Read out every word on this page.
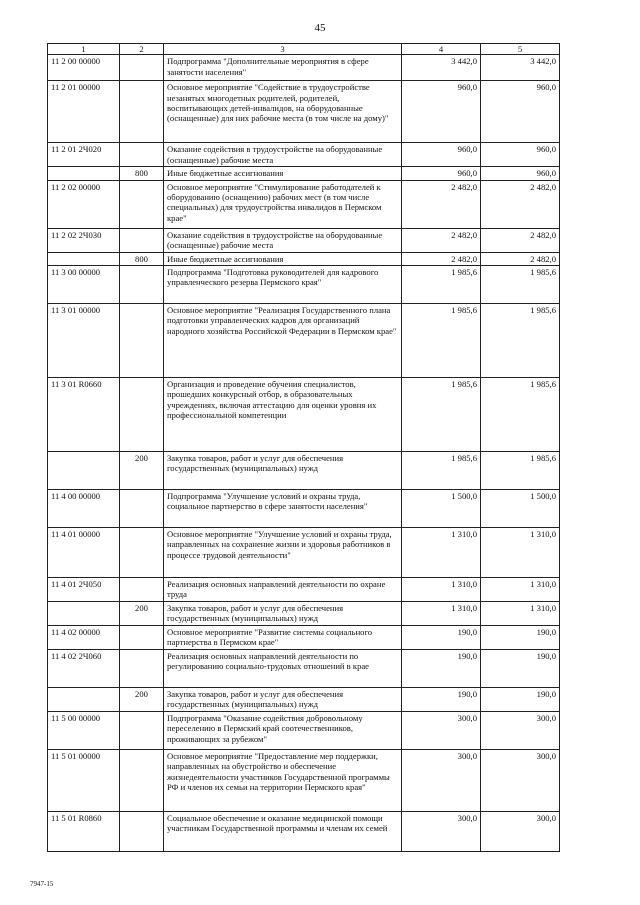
45
1	2	3	4	5
11 2 00 00000		Подпрограмма "Дополнительные мероприятия в сфере занятости населения"	3 442,0	3 442,0
11 2 01 00000		Основное мероприятие "Содействие в трудоустройстве незанятых многодетных родителей, родителей, воспитывающих детей-инвалидов, на оборудованные (оснащенные) для них рабочие места (в том числе на дому)"	960,0	960,0
11 2 01 2Ч020		Оказание содействия в трудоустройстве на оборудованные (оснащенные) рабочие места	960,0	960,0
	800	Иные бюджетные ассигнования	960,0	960,0
11 2 02 00000		Основное мероприятие "Стимулирование работодателей к оборудованию (оснащению) рабочих мест (в том числе специальных) для трудоустройства инвалидов в Пермском крае"	2 482,0	2 482,0
11 2 02 2Ч030		Оказание содействия в трудоустройстве на оборудованные (оснащенные) рабочие места	2 482,0	2 482,0
	800	Иные бюджетные ассигнования	2 482,0	2 482,0
11 3 00 00000		Подпрограмма "Подготовка руководителей для кадрового управленческого резерва Пермского края"	1 985,6	1 985,6
11 3 01 00000		Основное мероприятие "Реализация Государственного плана подготовки управленческих кадров для организаций народного хозяйства Российской Федерации в Пермском крае"	1 985,6	1 985,6
11 3 01 R0660		Организация и проведение обучения специалистов, прошедших конкурсный отбор, в образовательных учреждениях, включая аттестацию для оценки уровня их профессиональной компетенции	1 985,6	1 985,6
	200	Закупка товаров, работ и услуг для обеспечения государственных (муниципальных) нужд	1 985,6	1 985,6
11 4 00 00000		Подпрограмма "Улучшение условий и охраны труда, социальное партнерство в сфере занятости населения"	1 500,0	1 500,0
11 4 01 00000		Основное мероприятие "Улучшение условий и охраны труда, направленных на сохранение жизни и здоровья работников в процессе трудовой деятельности"	1 310,0	1 310,0
11 4 01 2Ч050		Реализация основных направлений деятельности по охране труда	1 310,0	1 310,0
	200	Закупка товаров, работ и услуг для обеспечения государственных (муниципальных) нужд	1 310,0	1 310,0
11 4 02 00000		Основное мероприятие "Развитие системы социального партнерства в Пермском крае"	190,0	190,0
11 4 02 2Ч060		Реализация основных направлений деятельности по регулированию социально-трудовых отношений в крае	190,0	190,0
	200	Закупка товаров, работ и услуг для обеспечения государственных (муниципальных) нужд	190,0	190,0
11 5 00 00000		Подпрограмма "Оказание содействия добровольному переселению в Пермский край соотечественников, проживающих за рубежом"	300,0	300,0
11 5 01 00000		Основное мероприятие "Предоставление мер поддержки, направленных на обустройство и обеспечение жизнедеятельности участников Государственной программы РФ и членов их семьи на территории Пермского края"	300,0	300,0
11 5 01 R0860		Социальное обеспечение и оказание медицинской помощи участникам Государственной программы и членам их семей	300,0	300,0
7947-15
